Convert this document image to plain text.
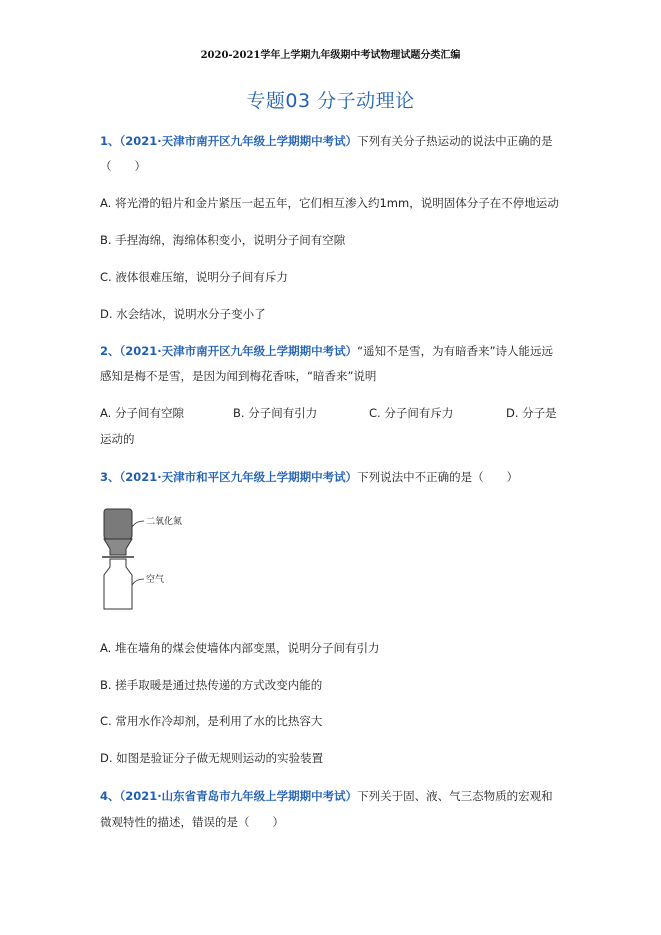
2020-2021学年上学期九年级期中考试物理试题分类汇编
专题03 分子动理论
1、（2021·天津市南开区九年级上学期期中考试）下列有关分子热运动的说法中正确的是
（　　）
A. 将光滑的铅片和金片紧压一起五年，它们相互渗入约1mm，说明固体分子在不停地运动
B. 手捏海绵，海绵体积变小，说明分子间有空隙
C. 液体很难压缩，说明分子间有斥力
D. 水会结冰，说明水分子变小了
2、（2021·天津市南开区九年级上学期期中考试）“遥知不是雪，为有暗香来”诗人能远远
感知是梅不是雪，是因为闻到梅花香味，“暗香来”说明
A. 分子间有空隙	B. 分子间有引力	C. 分子间有斥力	D. 分子是
运动的
3、（2021·天津市和平区九年级上学期期中考试）下列说法中不正确的是（　　）
二氧化氮
空气
A. 堆在墙角的煤会使墙体内部变黑，说明分子间有引力
B. 搓手取暖是通过热传递的方式改变内能的
C. 常用水作冷却剂，是利用了水的比热容大
D. 如图是验证分子做无规则运动的实验装置
4、（2021·山东省青岛市九年级上学期期中考试）下列关于固、液、气三态物质的宏观和
微观特性的描述，错误的是（　　）
